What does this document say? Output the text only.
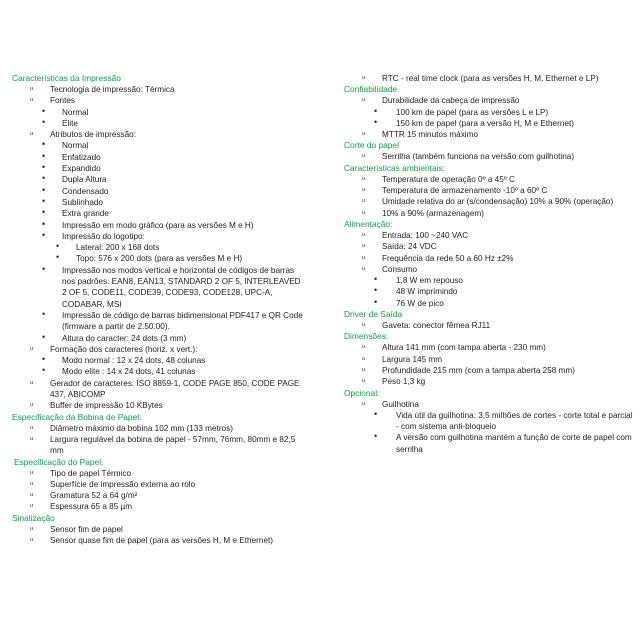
Características da Impressão
u Tecnologia de impressão: Térmica
u Fontes
• Normal
• Elite
u Atributos de impressão:
• Normal
• Enfatizado
• Expandido
• Dupla Altura
• Condensado
• Sublinhado
• Extra grande
• Impressão em modo gráfico (para as versões M e H)
• Impressão do logotipo:
• Lateral: 200 x 168 dots
• Topo: 576 x 200 dots (para as versões M e H)
• Impressão nos modos vertical e horizontal de códigos de barras nos padrões: EAN8, EAN13, STANDARD 2 OF 5, INTERLEAVED 2 OF 5, CODE11, CODE39, CODE93, CODE128, UPC-A, CODABAR, MSI
• Impressão de código de barras bidimensional PDF417 e QR Code (firmware a partir de 2.50.00).
• Altura do caracter: 24 dots (3 mm)
u Formação dos caracteres (horiz. x vert.):
• Modo normal : 12 x 24 dots, 48 colunas
• Modo elite : 14 x 24 dots, 41 colunas
u Gerador de caracteres: ISO 8859-1, CODE PAGE 850, CODE PAGE 437, ABICOMP
u Buffer de impressão 10 KBytes
Especificação da Bobina de Papel:
u Diâmetro máximo da bobina 102 mm (133 metros)
u Largura regulável da bobina de papel - 57mm, 76mm, 80mm e 82,5 mm
Especificação do Papel:
u Tipo de papel Térmico
u Superfície de impressão externa ao rolo
u Gramatura 52 a 64 g/m²
u Espessura 65 a 85 µm
Sinalização
u Sensor fim de papel
u Sensor quase fim de papel (para as versões H, M e Ethernet)
u RTC - real time clock (para as versões H, M, Ethernet e LP)
Confiabilidade
u Durabilidade da cabeça de impressão
• 100 km de papel (para as versões L e LP)
• 150 km de papel (para a versão H, M e Ethernet)
u MTTR 15 minutos máximo
Corte do papel
u Serrilha (também funciona na versão com guilhotina)
Características ambientais:
u Temperatura de operação 0º a 45º C
u Temperatura de armazenamento -10º a 60º C
u Umidade relativa do ar (s/condensação) 10% a 90% (operação)
u 10% a 90% (armazenagem)
Alimentação:
u Entrada: 100 ~240 VAC
u Saída: 24 VDC
u Frequência da rede 50 a 60 Hz ±2%
u Consumo
• 1,8 W em repouso
• 48 W imprimindo
• 76 W de pico
Driver de Saída
u Gaveta: conector fêmea RJ11
Dimensões:
u Altura 141 mm (com tampa aberta - 230 mm)
u Largura 145 mm
u Profundidade 215 mm (com a tampa aberta 258 mm)
u Peso 1,3 kg
Opcional:
u Guilhotina
• Vida útil da guilhotina: 3,5 milhões de cortes - corte total e parcial - com sistema anti-bloqueio
• A versão com guilhotina mantém a função de corte de papel com serrilha
